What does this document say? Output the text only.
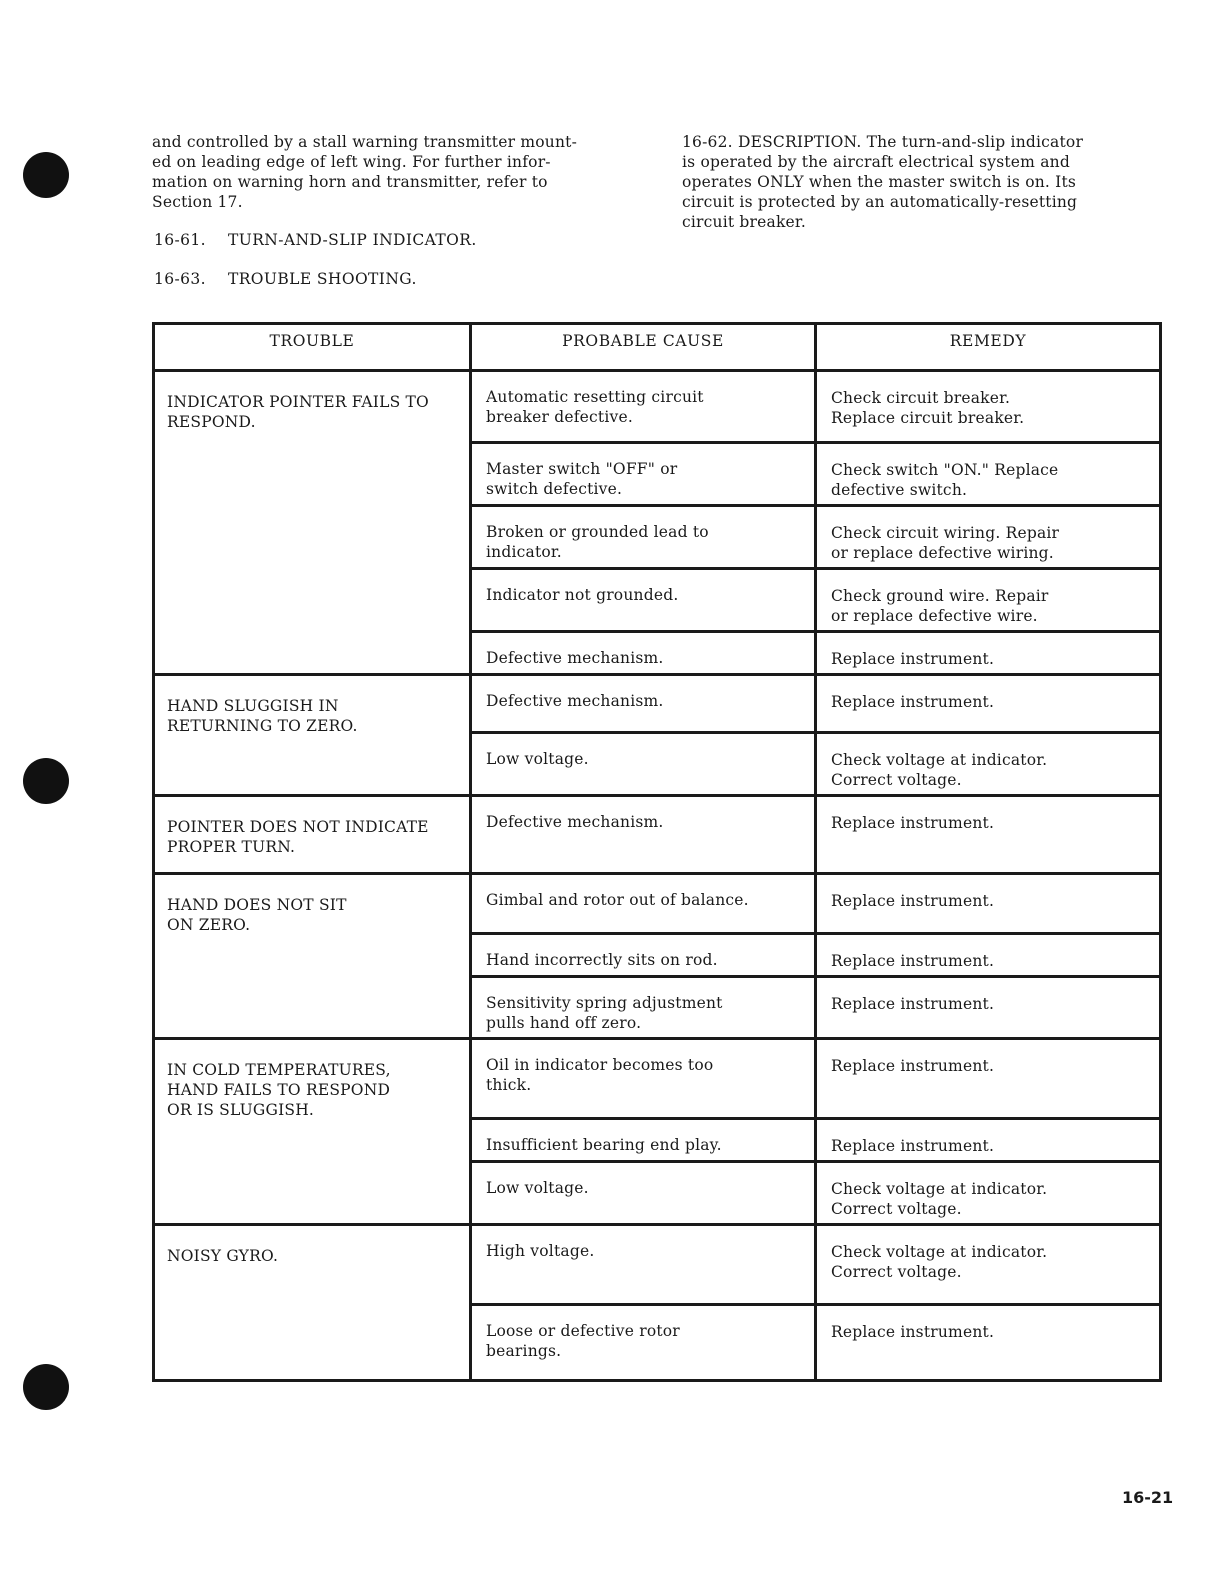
and controlled by a stall warning transmitter mount-
ed on leading edge of left wing. For further infor-
mation on warning horn and transmitter, refer to
Section 17.
16-62. DESCRIPTION. The turn-and-slip indicator
is operated by the aircraft electrical system and
operates ONLY when the master switch is on. Its
circuit is protected by an automatically-resetting
circuit breaker.
16-61. TURN-AND-SLIP INDICATOR.
16-63. TROUBLE SHOOTING.
TROUBLE	PROBABLE CAUSE	REMEDY

INDICATOR POINTER FAILS TO
RESPOND.	Automatic resetting circuit
breaker defective.	Check circuit breaker.
Replace circuit breaker.

	Master switch "OFF" or
switch defective.	Check switch "ON." Replace
defective switch.

	Broken or grounded lead to
indicator.	Check circuit wiring. Repair
or replace defective wiring.

	Indicator not grounded.	Check ground wire. Repair
or replace defective wire.

	Defective mechanism.	Replace instrument.

HAND SLUGGISH IN
RETURNING TO ZERO.	Defective mechanism.	Replace instrument.

	Low voltage.	Check voltage at indicator.
Correct voltage.

POINTER DOES NOT INDICATE
PROPER TURN.	Defective mechanism.	Replace instrument.

HAND DOES NOT SIT
ON ZERO.	Gimbal and rotor out of balance.	Replace instrument.

	Hand incorrectly sits on rod.	Replace instrument.

	Sensitivity spring adjustment
pulls hand off zero.	Replace instrument.

IN COLD TEMPERATURES,
HAND FAILS TO RESPOND
OR IS SLUGGISH.	Oil in indicator becomes too
thick.	Replace instrument.

	Insufficient bearing end play.	Replace instrument.

	Low voltage.	Check voltage at indicator.
Correct voltage.

NOISY GYRO.	High voltage.	Check voltage at indicator.
Correct voltage.

	Loose or defective rotor
bearings.	Replace instrument.
16-21
